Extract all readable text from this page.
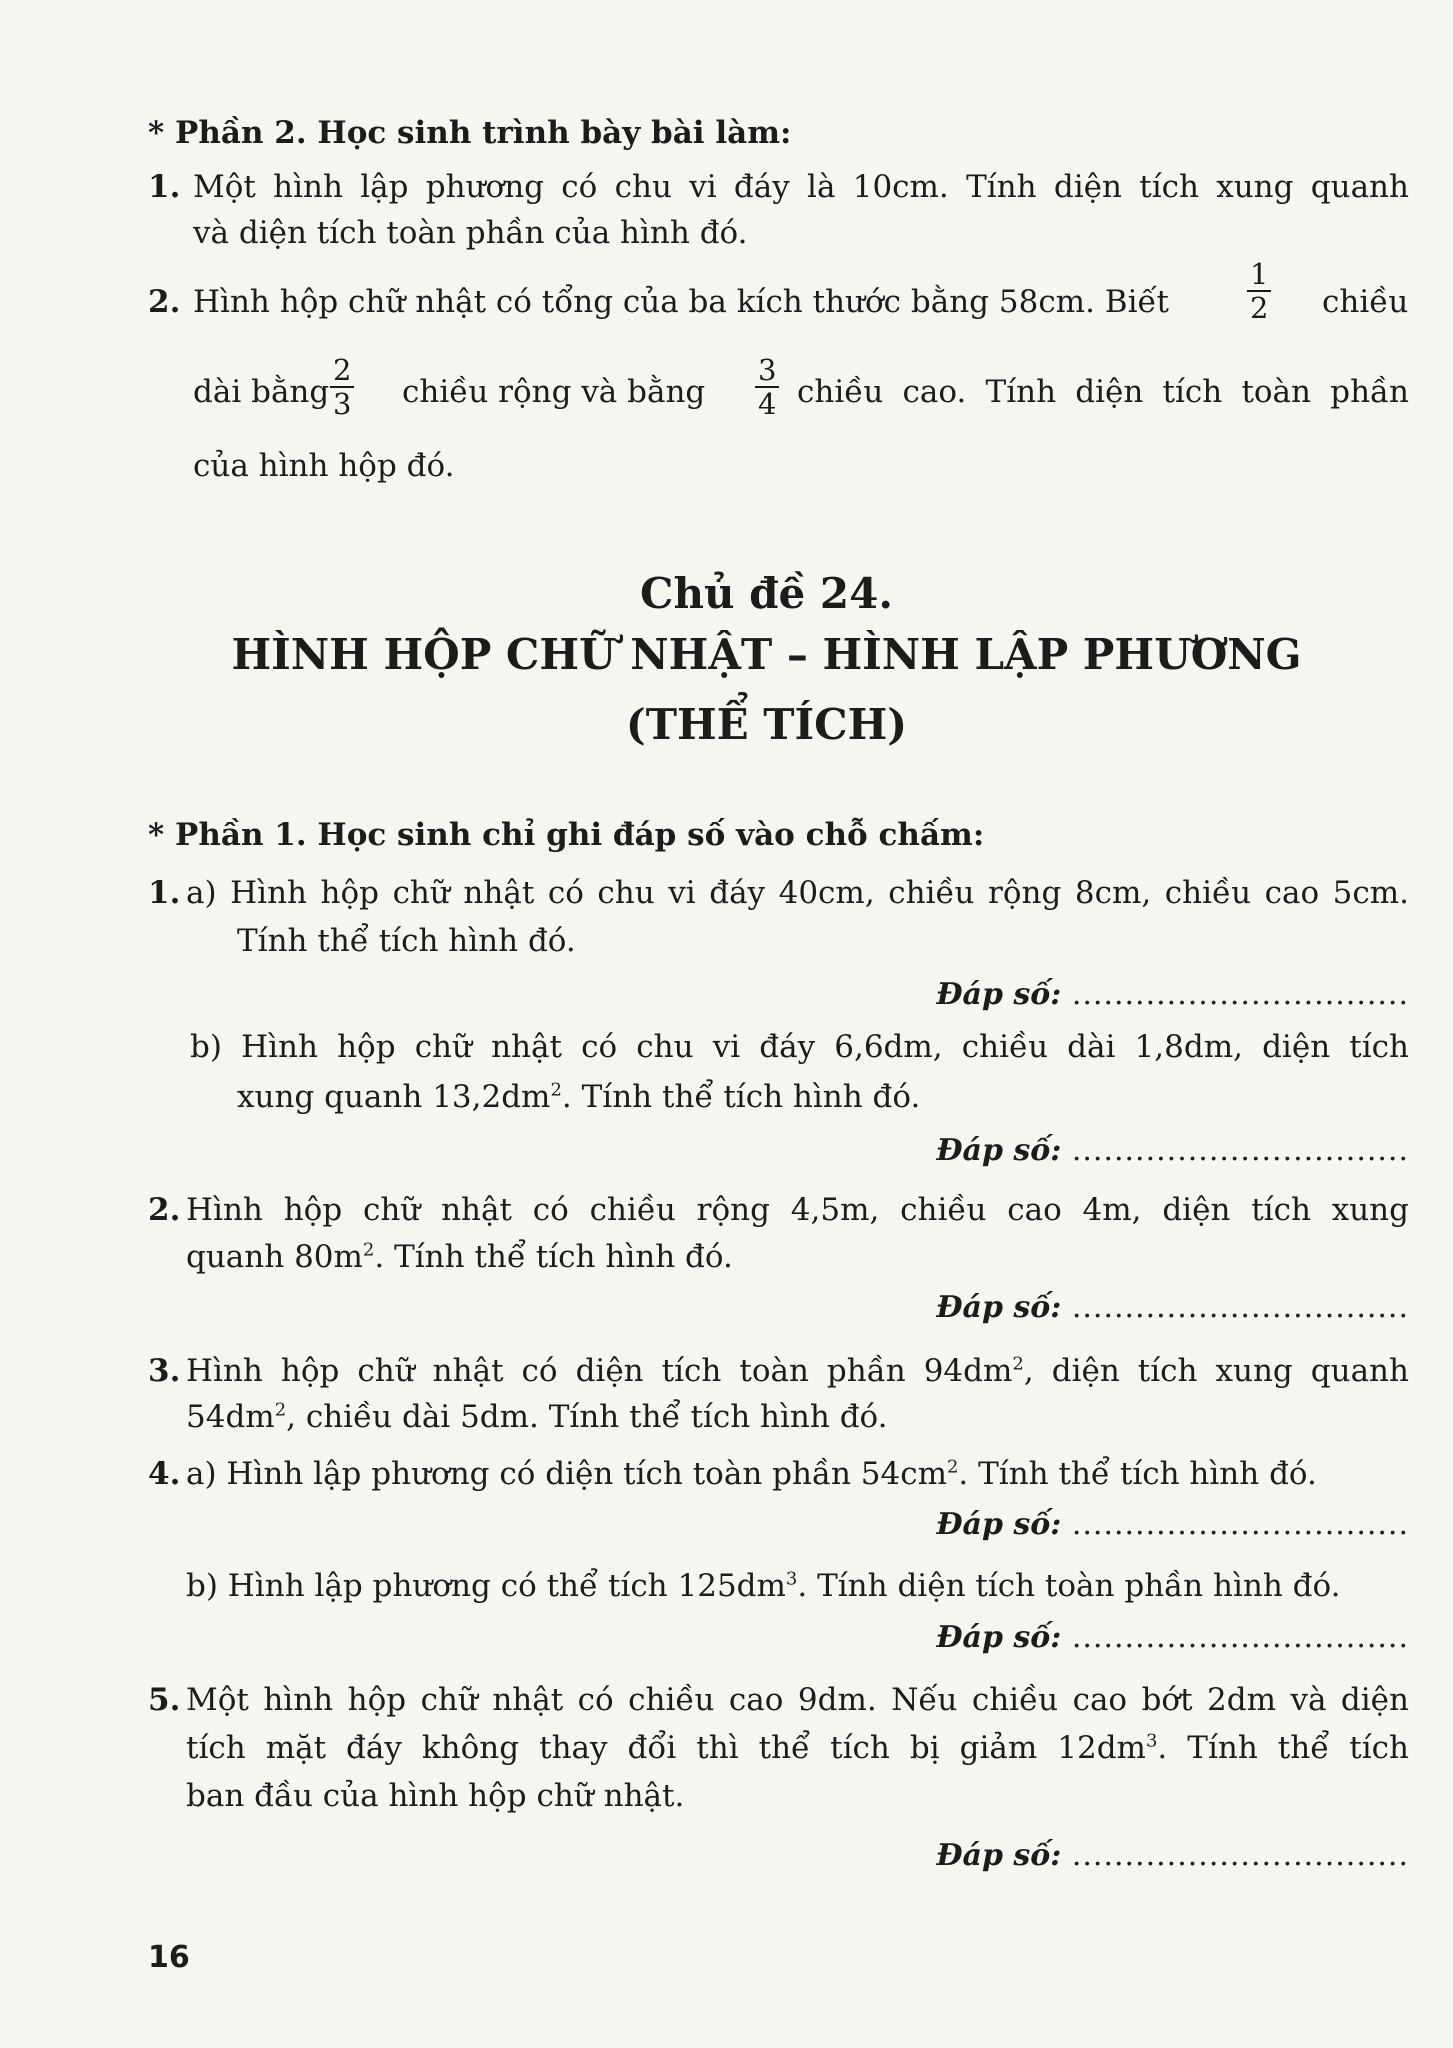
* Phần 2. Học sinh trình bày bài làm:
1. Một hình lập phương có chu vi đáy là 10cm. Tính diện tích xung quanh
và diện tích toàn phần của hình đó.
2. Hình hộp chữ nhật có tổng của ba kích thước bằng 58cm. Biết	$\frac{1}{2}$ chiều
dài bằng $\frac{2}{3}$ chiều rộng và bằng $\frac{3}{4}$ chiều cao. Tính diện tích toàn phần
của hình hộp đó.
Chủ đề 24.
HÌNH HỘP CHỮ NHẬT – HÌNH LẬP PHƯƠNG
(THỂ TÍCH)
* Phần 1. Học sinh chỉ ghi đáp số vào chỗ chấm:
1. a) Hình hộp chữ nhật có chu vi đáy 40cm, chiều rộng 8cm, chiều cao 5cm.
Tính thể tích hình đó.
Đáp số: ................................
b) Hình hộp chữ nhật có chu vi đáy 6,6dm, chiều dài 1,8dm, diện tích
xung quanh $13,2dm^2$. Tính thể tích hình đó.
Đáp số: ................................
2. Hình hộp chữ nhật có chiều rộng 4,5m, chiều cao 4m, diện tích xung
quanh $80m^2$. Tính thể tích hình đó.
Đáp số: ................................
3. Hình hộp chữ nhật có diện tích toàn phần $94dm^2$, diện tích xung quanh
$54dm^2$, chiều dài 5dm. Tính thể tích hình đó.
4. a) Hình lập phương có diện tích toàn phần $54cm^2$. Tính thể tích hình đó.
Đáp số: ................................
b) Hình lập phương có thể tích $125dm^3$. Tính diện tích toàn phần hình đó.
Đáp số: ................................
5. Một hình hộp chữ nhật có chiều cao 9dm. Nếu chiều cao bớt 2dm và diện
tích mặt đáy không thay đổi thì thể tích bị giảm $12dm^3$. Tính thể tích
ban đầu của hình hộp chữ nhật.
Đáp số: ................................
16
